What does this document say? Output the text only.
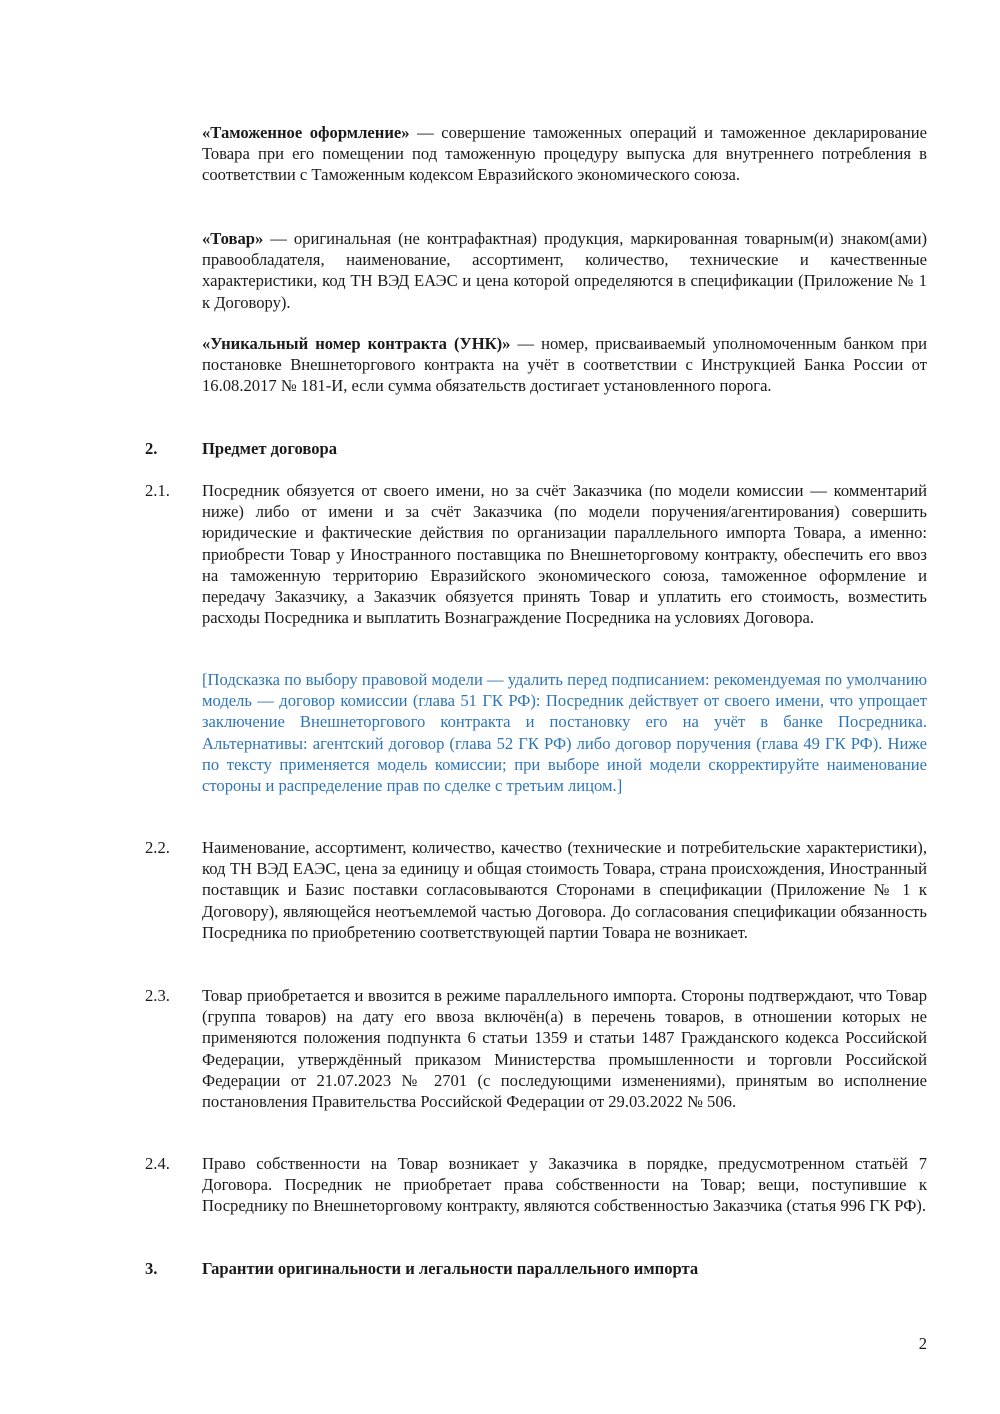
«Таможенное оформление» — совершение таможенных операций и таможенное декларирование Товара при его помещении под таможенную процедуру выпуска для внутреннего потребления в соответствии с Таможенным кодексом Евразийского экономического союза.

«Товар» — оригинальная (не контрафактная) продукция, маркированная товарным(и) знаком(ами) правообладателя, наименование, ассортимент, количество, технические и качественные характеристики, код ТН ВЭД ЕАЭС и цена которой определяются в спецификации (Приложение № 1 к Договору).

«Уникальный номер контракта (УНК)» — номер, присваиваемый уполномоченным банком при постановке Внешнеторгового контракта на учёт в соответствии с Инструкцией Банка России от 16.08.2017 № 181-И, если сумма обязательств достигает установленного порога.

2.	Предмет договора
2.1. Посредник обязуется от своего имени, но за счёт Заказчика (по модели комиссии — комментарий ниже) либо от имени и за счёт Заказчика (по модели поручения/агентирования) совершить юридические и фактические действия по организации параллельного импорта Товара, а именно: приобрести Товар у Иностранного поставщика по Внешнеторговому контракту, обеспечить его ввоз на таможенную территорию Евразийского экономического союза, таможенное оформление и передачу Заказчику, а Заказчик обязуется принять Товар и уплатить его стоимость, возместить расходы Посредника и выплатить Вознаграждение Посредника на условиях Договора.

[Подсказка по выбору правовой модели — удалить перед подписанием: рекомендуемая по умолчанию модель — договор комиссии (глава 51 ГК РФ): Посредник действует от своего имени, что упрощает заключение Внешнеторгового контракта и постановку его на учёт в банке Посредника. Альтернативы: агентский договор (глава 52 ГК РФ) либо договор поручения (глава 49 ГК РФ). Ниже по тексту применяется модель комиссии; при выборе иной модели скорректируйте наименование стороны и распределение прав по сделке с третьим лицом.]

2.2. Наименование, ассортимент, количество, качество (технические и потребительские характеристики), код ТН ВЭД ЕАЭС, цена за единицу и общая стоимость Товара, страна происхождения, Иностранный поставщик и Базис поставки согласовываются Сторонами в спецификации (Приложение № 1 к Договору), являющейся неотъемлемой частью Договора. До согласования спецификации обязанность Посредника по приобретению соответствующей партии Товара не возникает.
2.3. Товар приобретается и ввозится в режиме параллельного импорта. Стороны подтверждают, что Товар (группа товаров) на дату его ввоза включён(а) в перечень товаров, в отношении которых не применяются положения подпункта 6 статьи 1359 и статьи 1487 Гражданского кодекса Российской Федерации, утверждённый приказом Министерства промышленности и торговли Российской Федерации от 21.07.2023 № 2701 (с последующими изменениями), принятым во исполнение постановления Правительства Российской Федерации от 29.03.2022 № 506.
2.4. Право собственности на Товар возникает у Заказчика в порядке, предусмотренном статьёй 7 Договора. Посредник не приобретает права собственности на Товар; вещи, поступившие к Посреднику по Внешнеторговому контракту, являются собственностью Заказчика (статья 996 ГК РФ).
3.	Гарантии оригинальности и легальности параллельного импорта
2
